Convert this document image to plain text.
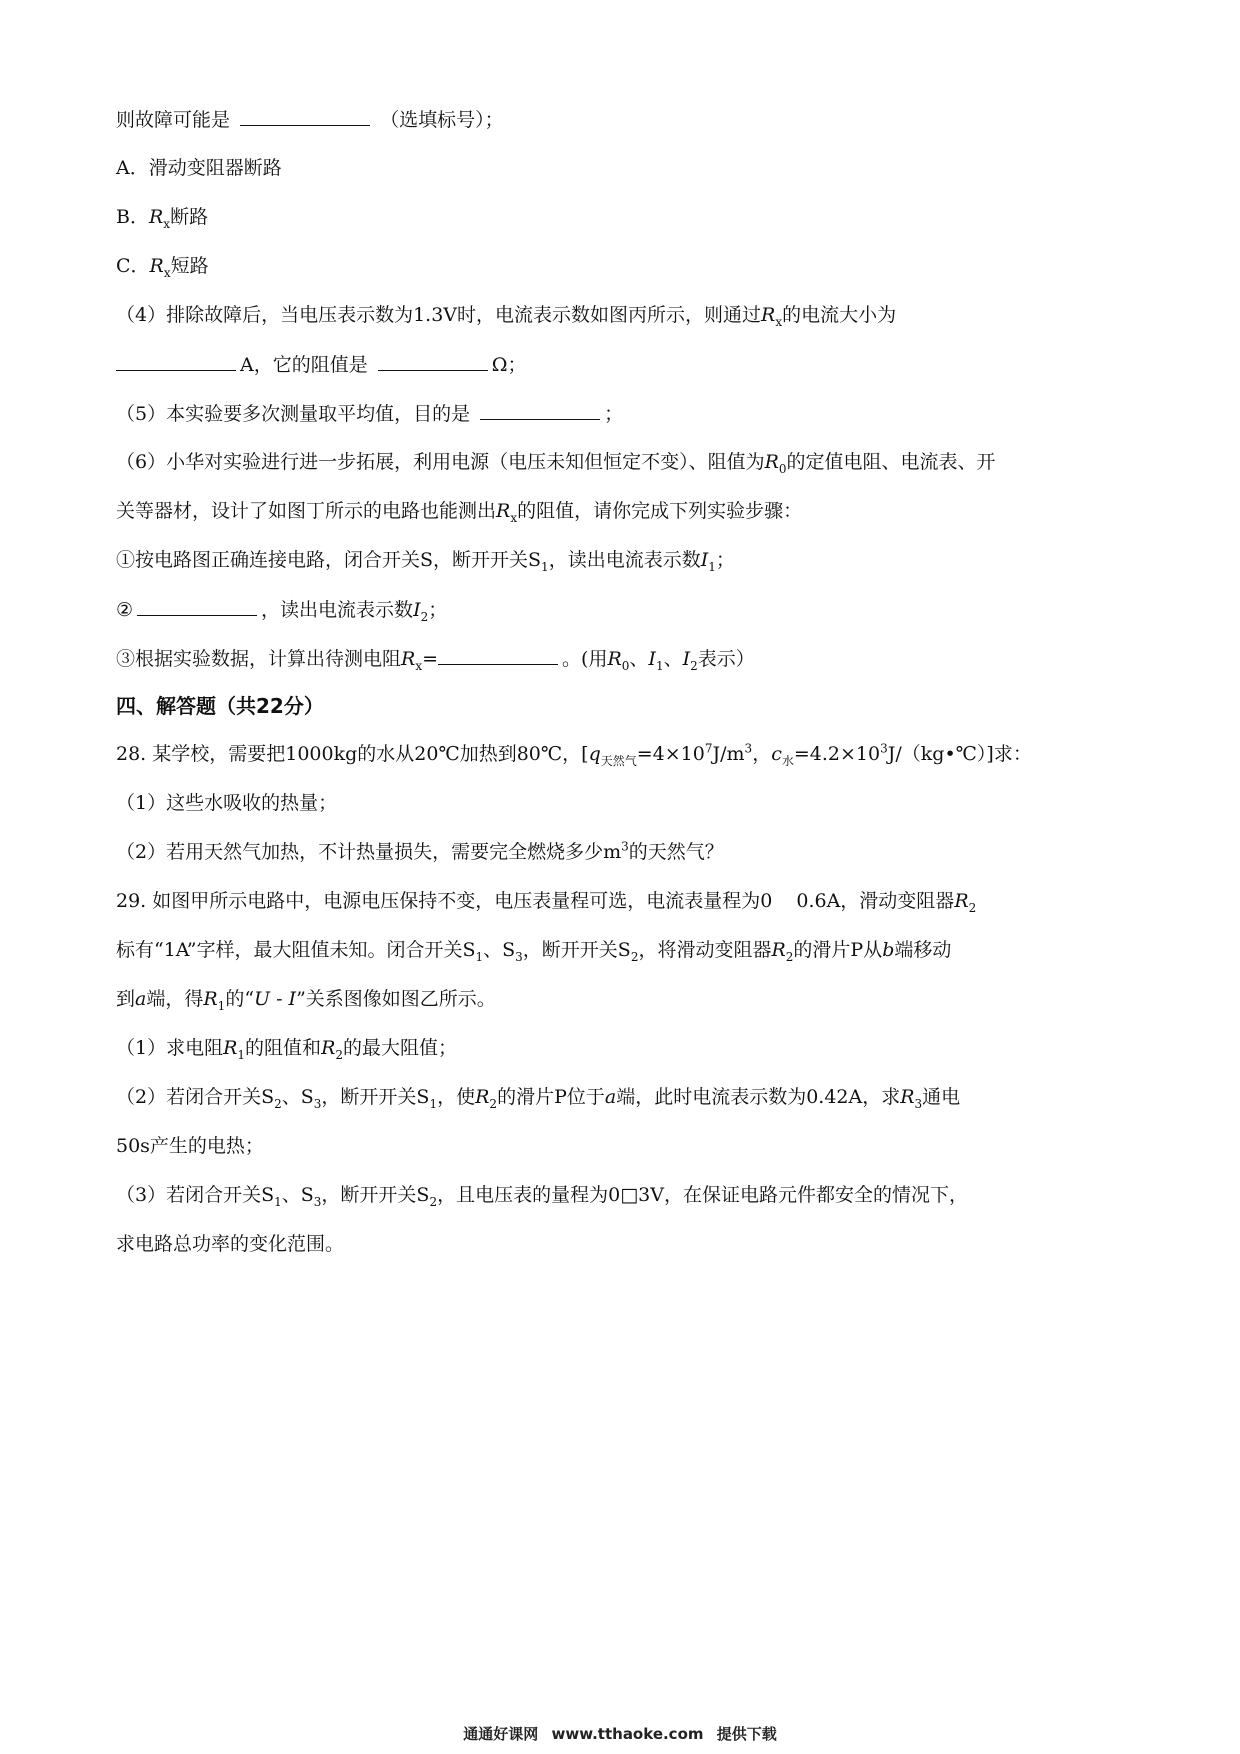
则故障可能是	（选填标号）；
A．滑动变阻器断路
B．$R_x$断路
C．$R_x$短路
（4）排除故障后，当电压表示数为1.3V时，电流表示数如图丙所示，则通过$R_x$的电流大小为
A，它的阻值是	Ω；
（5）本实验要多次测量取平均值，目的是	；
（6）小华对实验进行进一步拓展，利用电源（电压未知但恒定不变）、阻值为$R_0$的定值电阻、电流表、开
关等器材，设计了如图丁所示的电路也能测出$R_x$的阻值，请你完成下列实验步骤：
①按电路图正确连接电路，闭合开关S，断开开关$S_1$，读出电流表示数$I_1$；
②	，读出电流表示数$I_2$；
③根据实验数据，计算出待测电阻$R_x=$	。(用$R_0$、$I_1$、$I_2$表示）
四、解答题（共22分）
28. 某学校，需要把1000kg的水从20℃加热到80℃，[$q_{天然气}=4\times 10^7J/m^3$，$c_水=4.2\times 10^3J/(kg•℃)$]求：
（1）这些水吸收的热量；
（2）若用天然气加热，不计热量损失，需要完全燃烧多少$m^3$的天然气？
29. 如图甲所示电路中，电源电压保持不变，电压表量程可选，电流表量程为0 0.6A，滑动变阻器$R_2$
标有“1A”字样，最大阻值未知。闭合开关$S_1$、$S_3$，断开开关$S_2$，将滑动变阻器$R_2$的滑片P从b端移动
到a端，得$R_1$的“U - I”关系图像如图乙所示。
（1）求电阻$R_1$的阻值和$R_2$的最大阻值；
（2）若闭合开关$S_2$、$S_3$，断开开关$S_1$，使$R_2$的滑片P位于a端，此时电流表示数为0.42A，求$R_3$通电
50s产生的电热；
（3）若闭合开关$S_1$、$S_3$，断开开关$S_2$，且电压表的量程为0□3V，在保证电路元件都安全的情况下，
求电路总功率的变化范围。
通通好课网 www.tthaoke.com 提供下载
